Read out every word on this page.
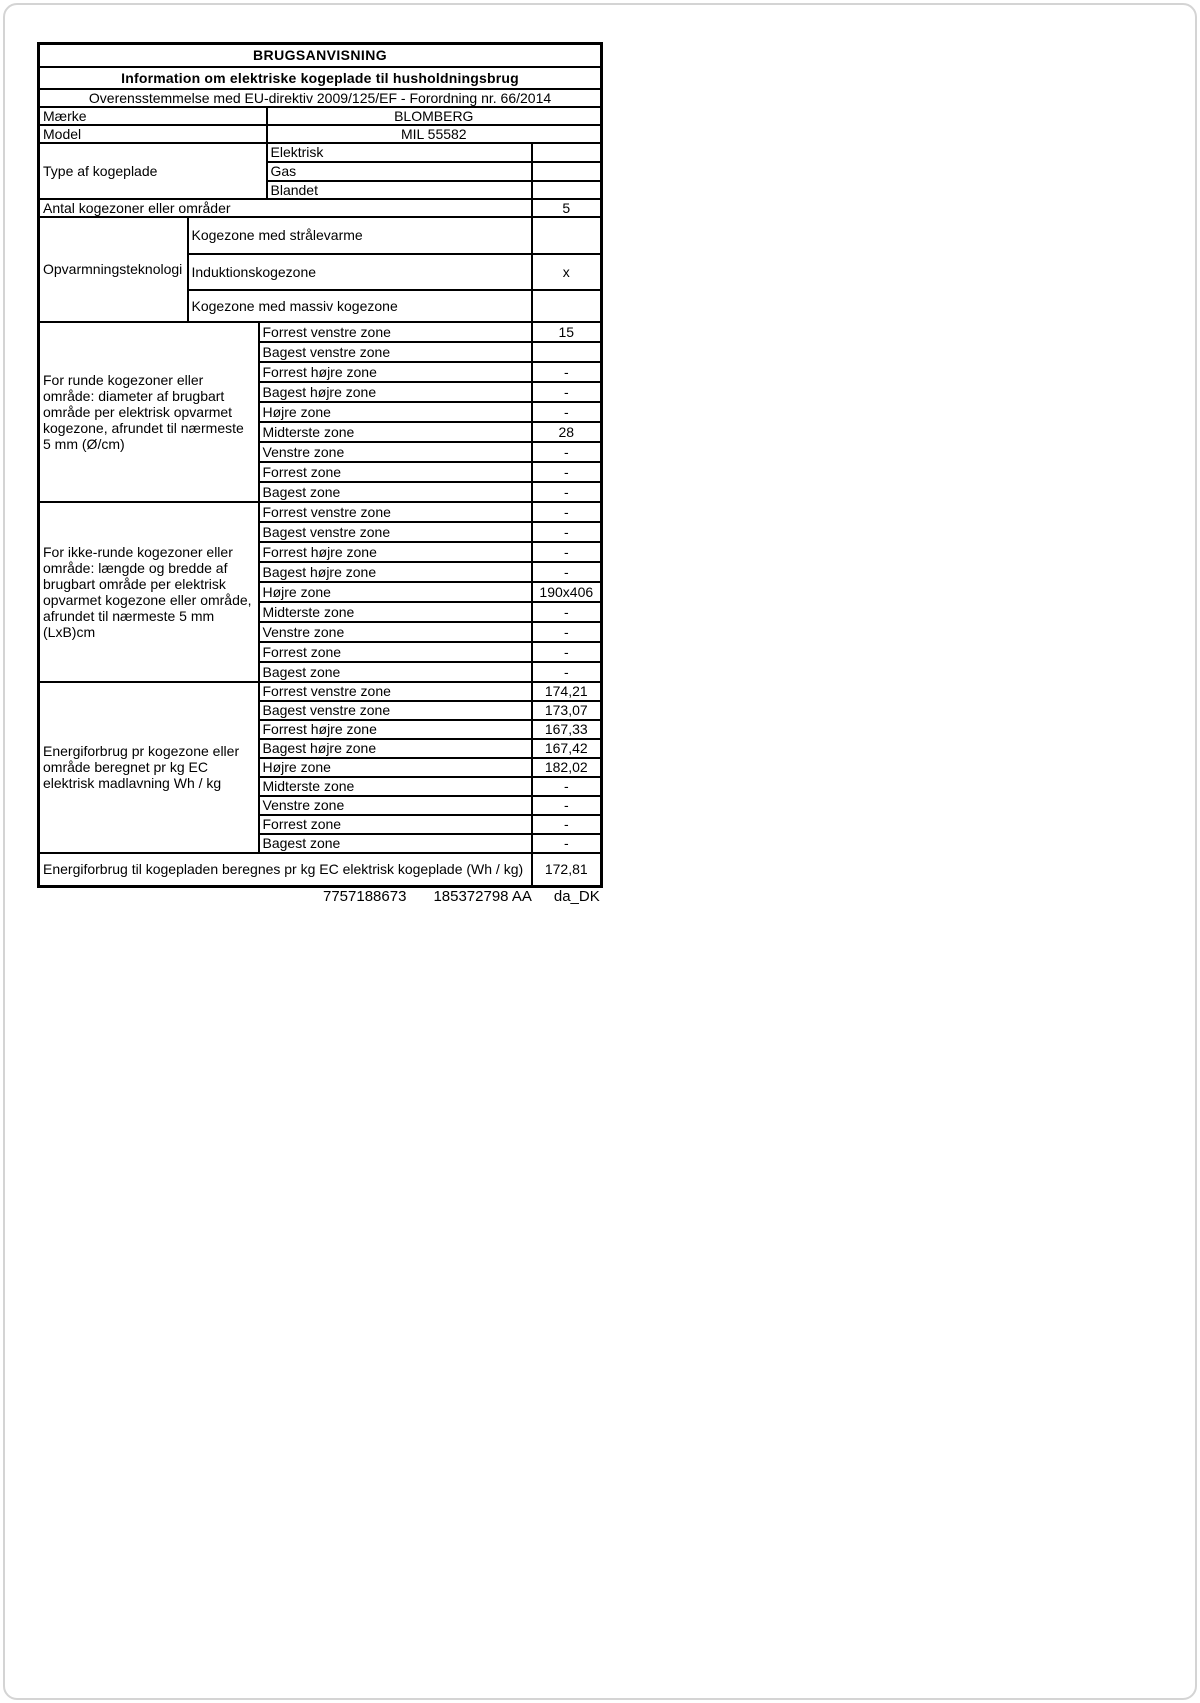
BRUGSANVISNING				
Information om elektriske kogeplade til husholdningsbrug				
Overensstemmelse med EU-direktiv 2009/125/EF - Forordning nr. 66/2014				
Mærke			BLOMBERG	
Model			MIL 55582	
Type af kogeplade			Elektrisk	
			Gas	
			Blandet	
Antal kogezoner eller områder				5
Opvarmningsteknologi	Kogezone med strålevarme			
	Induktionskogezone			x
	Kogezone med massiv kogezone			
For runde kogezoner eller område: diameter af brugbart område per elektrisk opvarmet kogezone, afrundet til nærmeste 5 mm (Ø/cm)		Forrest venstre zone		15
		Bagest venstre zone		
		Forrest højre zone		-
		Bagest højre zone		-
		Højre zone		-
		Midterste zone		28
		Venstre zone		-
		Forrest zone		-
		Bagest zone		-
For ikke-runde kogezoner eller område: længde og bredde af brugbart område per elektrisk opvarmet kogezone eller område, afrundet til nærmeste 5 mm (LxB)cm		Forrest venstre zone		-
		Bagest venstre zone		-
		Forrest højre zone		-
		Bagest højre zone		-
		Højre zone		190x406
		Midterste zone		-
		Venstre zone		-
		Forrest zone		-
		Bagest zone		-
Energiforbrug pr kogezone eller område beregnet pr kg EC elektrisk madlavning Wh / kg		Forrest venstre zone		174,21
		Bagest venstre zone		173,07
		Forrest højre zone		167,33
		Bagest højre zone		167,42
		Højre zone		182,02
		Midterste zone		-
		Venstre zone		-
		Forrest zone		-
		Bagest zone		-
Energiforbrug til kogepladen beregnes pr kg EC elektrisk kogeplade (Wh / kg)				172,81
7757188673 185372798 AA da_DK
